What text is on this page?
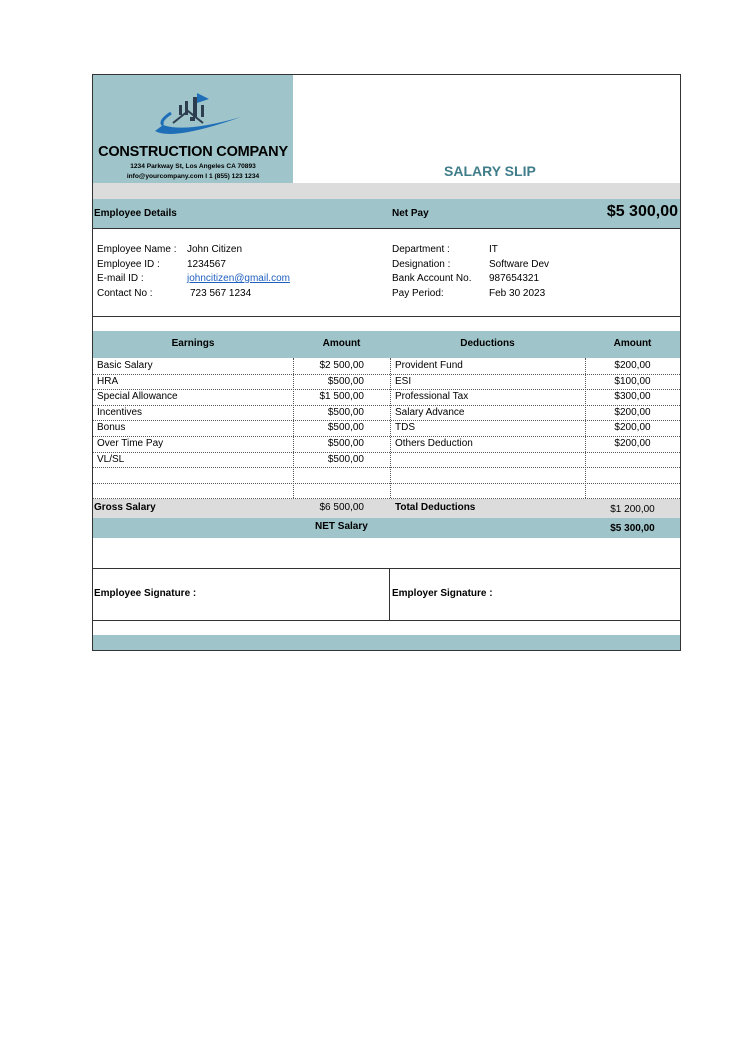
CONSTRUCTION COMPANY
1234 Parkway St, Los Angeles CA 70893
info@yourcompany.com I 1 (855) 123 1234	SALARY SLIP
Employee Details	Net Pay	$5 300,00
Employee Name : John Citizen
Employee ID :	1234567
E-mail ID :	johncitizen@gmail.com
Contact No :	723 567 1234
Department :	IT
Designation :	Software Dev
Bank Account No. 987654321
Pay Period:	Feb 30 2023
Earnings	Amount	Deductions	Amount
Basic Salary	$2 500,00	Provident Fund	$200,00
HRA	$500,00	ESI	$100,00
Special Allowance	$1 500,00	Professional Tax	$300,00
Incentives	$500,00	Salary Advance	$200,00
Bonus	$500,00	TDS	$200,00
Over Time Pay	$500,00	Others Deduction	$200,00
VL/SL	$500,00
Gross Salary	$6 500,00	Total Deductions	$1 200,00
NET Salary	$5 300,00
Employee Signature :	Employer Signature :
